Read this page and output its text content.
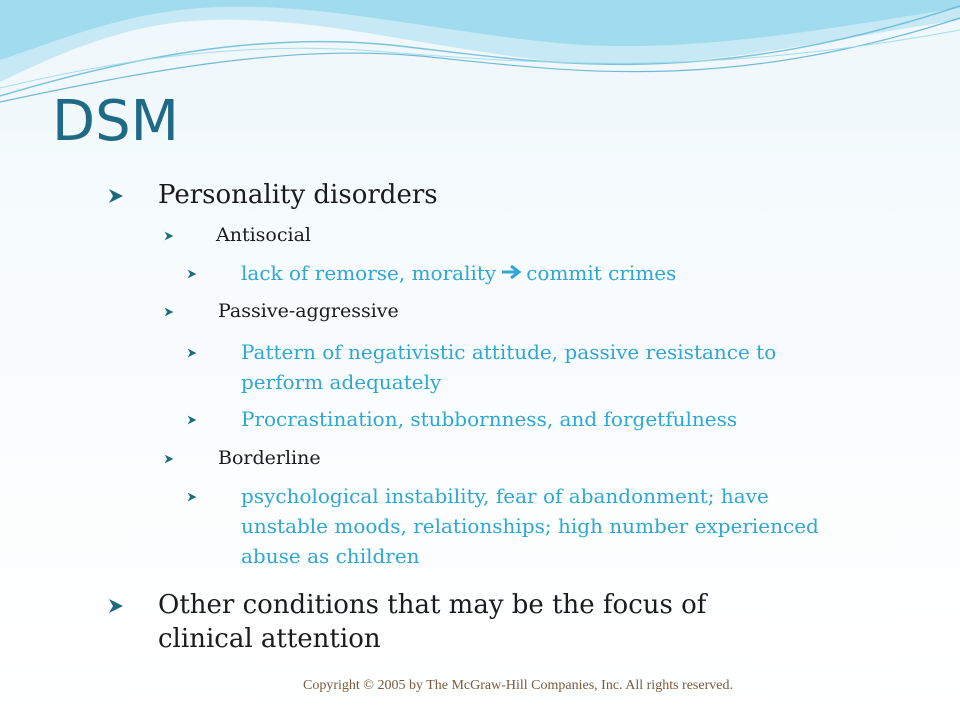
DSM
Personality disorders
Antisocial
lack of remorse, morality commit crimes
Passive-aggressive
Pattern of negativistic attitude, passive resistance to perform adequately
Procrastination, stubbornness, and forgetfulness
Borderline
psychological instability, fear of abandonment; have unstable moods, relationships; high number experienced abuse as children
Other conditions that may be the focus of clinical attention
Copyright © 2005 by The McGraw-Hill Companies, Inc. All rights reserved.
